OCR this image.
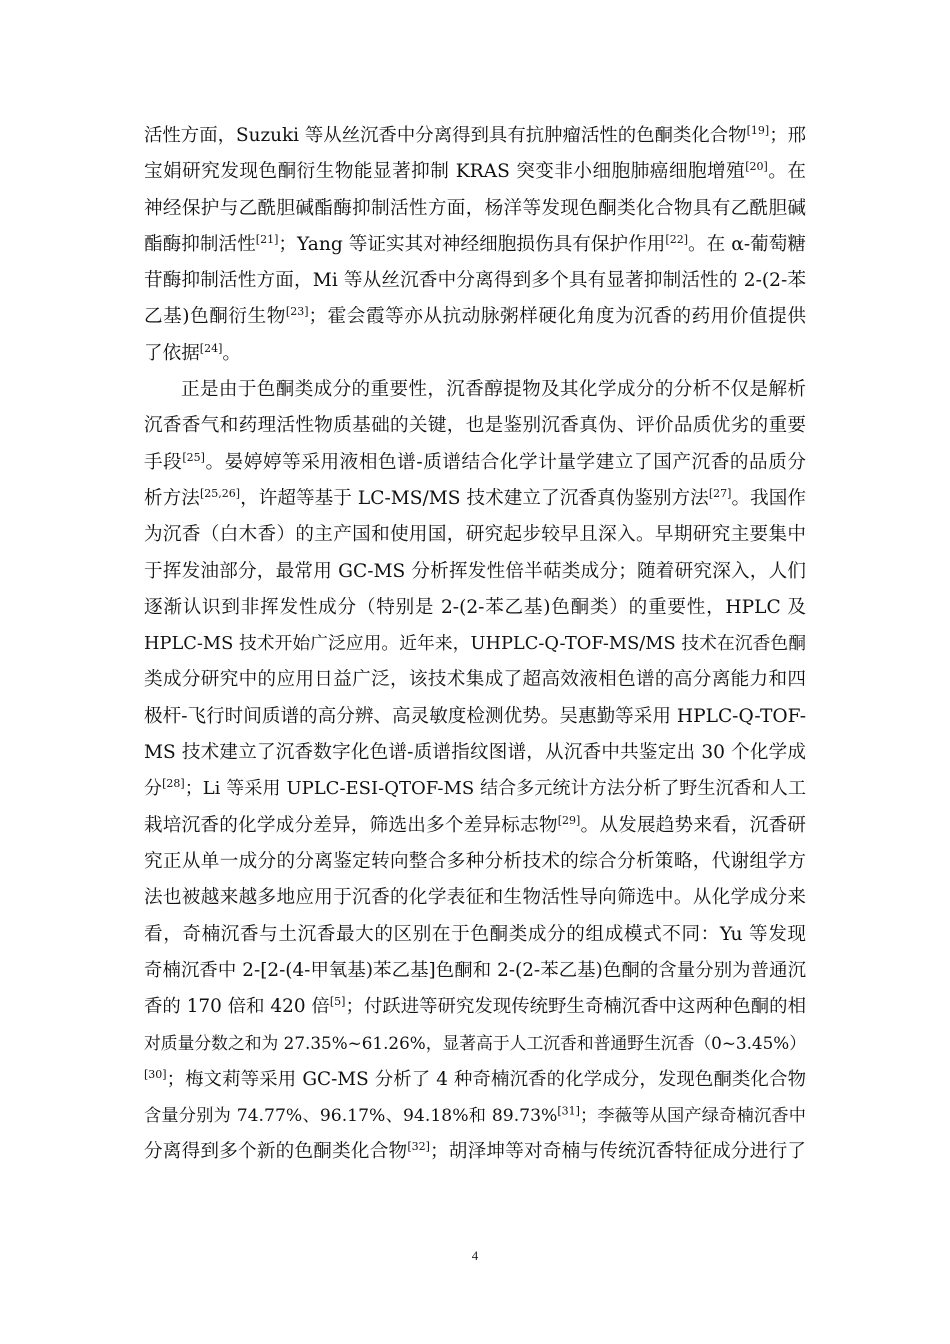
活性方面，Suzuki 等从丝沉香中分离得到具有抗肿瘤活性的色酮类化合物[19]；邢
宝娟研究发现色酮衍生物能显著抑制 KRAS 突变非小细胞肺癌细胞增殖[20]。在
神经保护与乙酰胆碱酯酶抑制活性方面，杨洋等发现色酮类化合物具有乙酰胆碱
酯酶抑制活性[21]；Yang 等证实其对神经细胞损伤具有保护作用[22]。在 α-葡萄糖
苷酶抑制活性方面，Mi 等从丝沉香中分离得到多个具有显著抑制活性的 2-(2-苯
乙基)色酮衍生物[23]；霍会霞等亦从抗动脉粥样硬化角度为沉香的药用价值提供
了依据[24]。
正是由于色酮类成分的重要性，沉香醇提物及其化学成分的分析不仅是解析
沉香香气和药理活性物质基础的关键，也是鉴别沉香真伪、评价品质优劣的重要
手段[25]。晏婷婷等采用液相色谱-质谱结合化学计量学建立了国产沉香的品质分
析方法[25,26]，许超等基于 LC-MS/MS 技术建立了沉香真伪鉴别方法[27]。我国作
为沉香（白木香）的主产国和使用国，研究起步较早且深入。早期研究主要集中
于挥发油部分，最常用 GC-MS 分析挥发性倍半萜类成分；随着研究深入，人们
逐渐认识到非挥发性成分（特别是 2-(2-苯乙基)色酮类）的重要性，HPLC 及
HPLC-MS 技术开始广泛应用。近年来，UHPLC-Q-TOF-MS/MS 技术在沉香色酮
类成分研究中的应用日益广泛，该技术集成了超高效液相色谱的高分离能力和四
极杆-飞行时间质谱的高分辨、高灵敏度检测优势。吴惠勤等采用 HPLC-Q-TOF-
MS 技术建立了沉香数字化色谱-质谱指纹图谱，从沉香中共鉴定出 30 个化学成
分[28]；Li 等采用 UPLC-ESI-QTOF-MS 结合多元统计方法分析了野生沉香和人工
栽培沉香的化学成分差异，筛选出多个差异标志物[29]。从发展趋势来看，沉香研
究正从单一成分的分离鉴定转向整合多种分析技术的综合分析策略，代谢组学方
法也被越来越多地应用于沉香的化学表征和生物活性导向筛选中。从化学成分来
看，奇楠沉香与土沉香最大的区别在于色酮类成分的组成模式不同：Yu 等发现
奇楠沉香中 2-[2-(4-甲氧基)苯乙基]色酮和 2-(2-苯乙基)色酮的含量分别为普通沉
香的 170 倍和 420 倍[5]；付跃进等研究发现传统野生奇楠沉香中这两种色酮的相
对质量分数之和为 27.35%~61.26%，显著高于人工沉香和普通野生沉香（0~3.45%）
[30]；梅文莉等采用 GC-MS 分析了 4 种奇楠沉香的化学成分，发现色酮类化合物
含量分别为 74.77%、96.17%、94.18%和 89.73%[31]；李薇等从国产绿奇楠沉香中
分离得到多个新的色酮类化合物[32]；胡泽坤等对奇楠与传统沉香特征成分进行了
4
